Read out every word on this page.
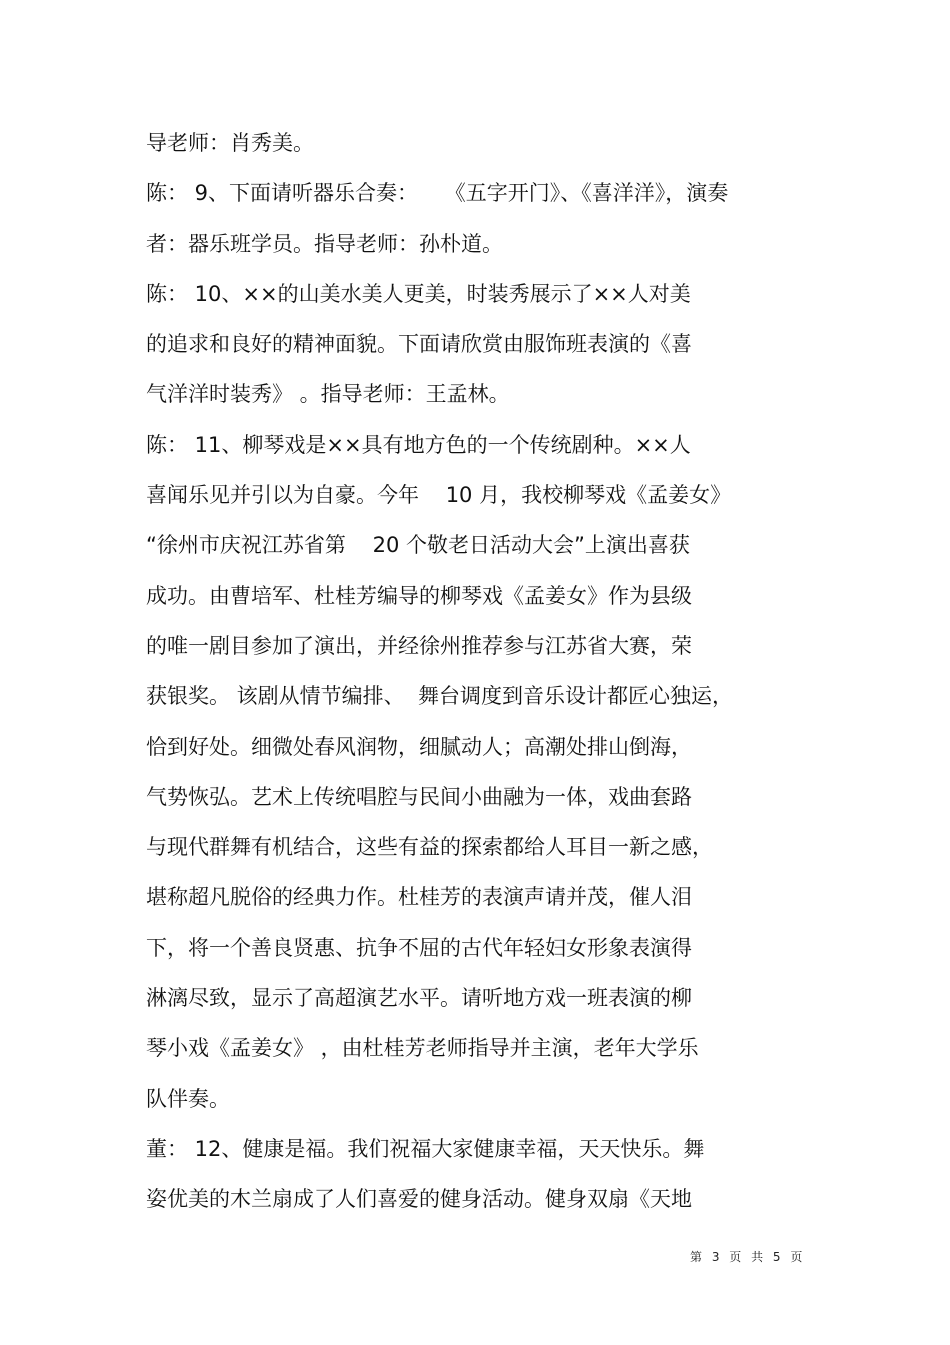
导老师：肖秀美。
陈： 9、下面请听器乐合奏：    《五字开门》、《喜洋洋》，演奏
者：器乐班学员。指导老师：孙朴道。
陈： 10、××的山美水美人更美，时装秀展示了××人对美
的追求和良好的精神面貌。下面请欣赏由服饰班表演的《喜
气洋洋时装秀》 。指导老师：王孟林。
陈： 11、柳琴戏是××具有地方色的一个传统剧种。××人
喜闻乐见并引以为自豪。今年    10 月，我校柳琴戏《孟姜女》
“徐州市庆祝江苏省第    20 个敬老日活动大会”上演出喜获
成功。由曹培军、杜桂芳编导的柳琴戏《孟姜女》作为县级
的唯一剧目参加了演出，并经徐州推荐参与江苏省大赛，荣
获银奖。 该剧从情节编排、  舞台调度到音乐设计都匠心独运，
恰到好处。细微处春风润物，细腻动人；高潮处排山倒海，
气势恢弘。艺术上传统唱腔与民间小曲融为一体，戏曲套路
与现代群舞有机结合，这些有益的探索都给人耳目一新之感，
堪称超凡脱俗的经典力作。杜桂芳的表演声请并茂，催人泪
下，将一个善良贤惠、抗争不屈的古代年轻妇女形象表演得
淋漓尽致，显示了高超演艺水平。请听地方戏一班表演的柳
琴小戏《孟姜女》 ，由杜桂芳老师指导并主演，老年大学乐
队伴奏。
董： 12、健康是福。我们祝福大家健康幸福，天天快乐。舞
姿优美的木兰扇成了人们喜爱的健身活动。健身双扇《天地
第 3 页 共 5 页
